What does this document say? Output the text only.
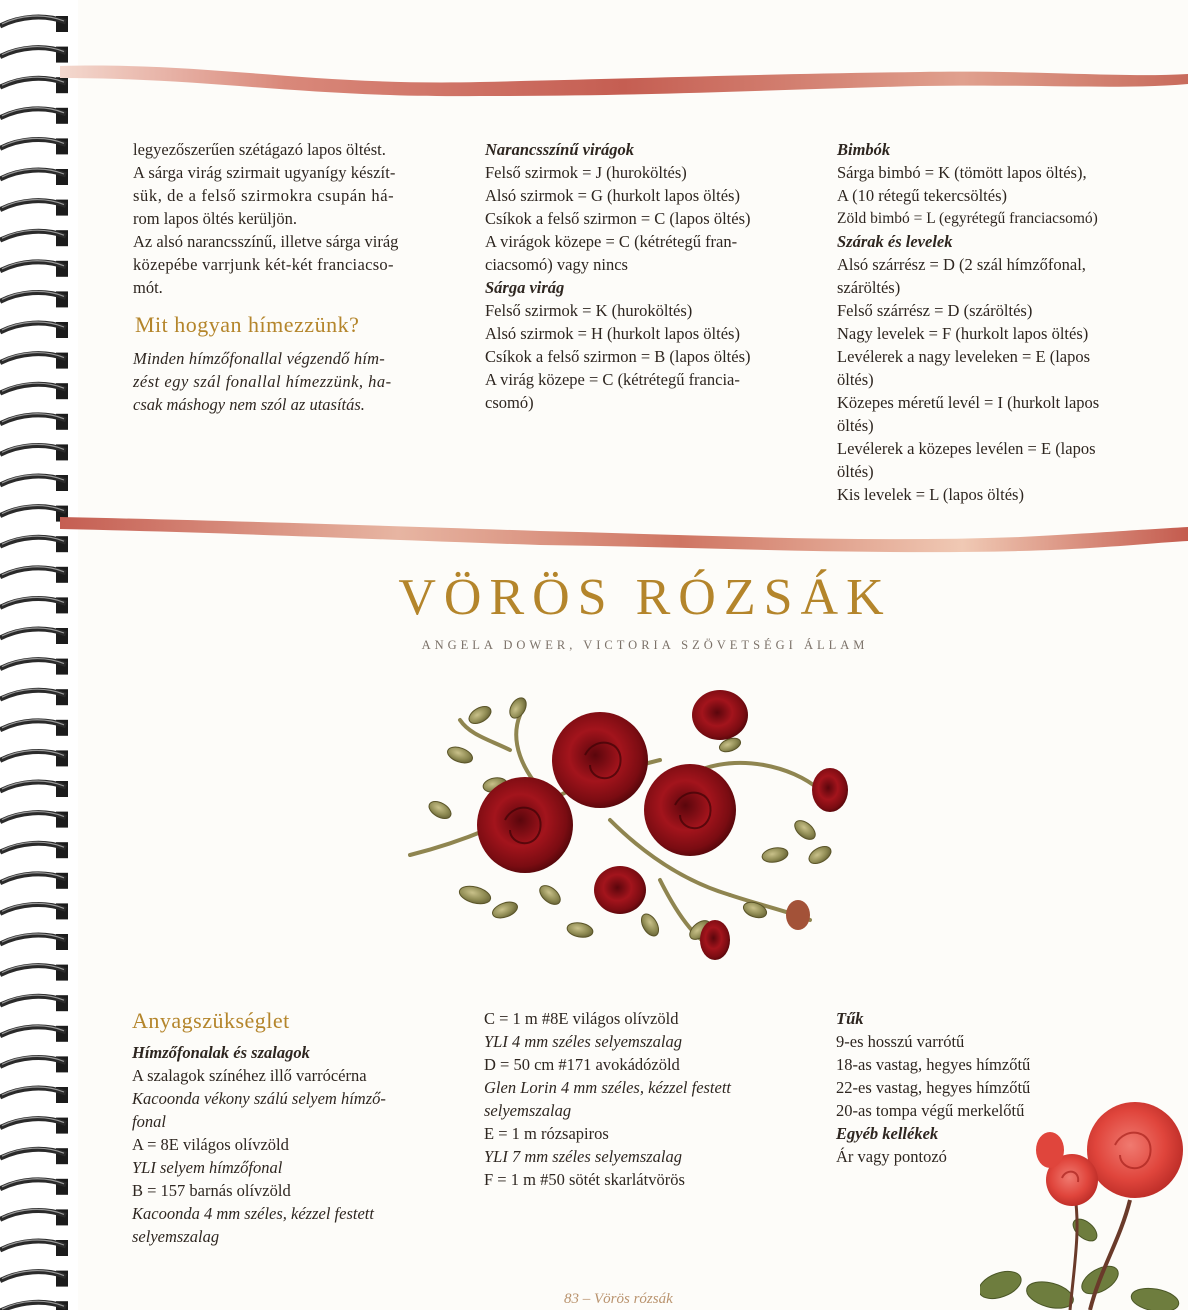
legyezőszerűen szétágazó lapos öltést.
A sárga virág szirmait ugyanígy készít-
sük, de a felső szirmokra csupán há-
rom lapos öltés kerüljön.

Az alsó narancsszínű, illetve sárga virág
közepébe varrjunk két-két franciacso-
mót.

Mit hogyan hímezzünk?
Minden hímzőfonallal végzendő hím-
zést egy szál fonallal hímezzünk, ha-
csak máshogy nem szól az utasítás.
Narancsszínű virágok
Felső szirmok = J (huroköltés)
Alsó szirmok = G (hurkolt lapos öltés)
Csíkok a felső szirmon = C (lapos öltés)
A virágok közepe = C (kétrétegű fran-
ciacsomó) vagy nincs
Sárga virág
Felső szirmok = K (huroköltés)
Alsó szirmok = H (hurkolt lapos öltés)
Csíkok a felső szirmon = B (lapos öltés)
A virág közepe = C (kétrétegű francia-
csomó)
Bimbók
Sárga bimbó = K (tömött lapos öltés),
A (10 rétegű tekercsöltés)
Zöld bimbó = L (egyrétegű franciacsomó)
Szárak és levelek
Alsó szárrész = D (2 szál hímzőfonal,
száröltés)
Felső szárrész = D (száröltés)
Nagy levelek = F (hurkolt lapos öltés)
Levélerek a nagy leveleken = E (lapos
öltés)
Közepes méretű levél = I (hurkolt lapos
öltés)
Levélerek a közepes levélen = E (lapos
öltés)
Kis levelek = L (lapos öltés)
VÖRÖS RÓZSÁK
ANGELA DOWER, VICTORIA SZÖVETSÉGI ÁLLAM
Anyagszükséglet
Hímzőfonalak és szalagok
A szalagok színéhez illő varrócérna
Kacoonda vékony szálú selyem hímző-
fonal
A = 8E világos olívzöld
YLI selyem hímzőfonal
B = 157 barnás olívzöld
Kacoonda 4 mm széles, kézzel festett
selyemszalag
C = 1 m #8E világos olívzöld
YLI 4 mm széles selyemszalag
D = 50 cm #171 avokádózöld
Glen Lorin 4 mm széles, kézzel festett
selyemszalag
E = 1 m rózsapiros
YLI 7 mm széles selyemszalag
F = 1 m #50 sötét skarlátvörös
Tűk
9-es hosszú varrótű
18-as vastag, hegyes hímzőtű
22-es vastag, hegyes hímzőtű
20-as tompa végű merkelőtű
Egyéb kellékek
Ár vagy pontozó
83 – Vörös rózsák
